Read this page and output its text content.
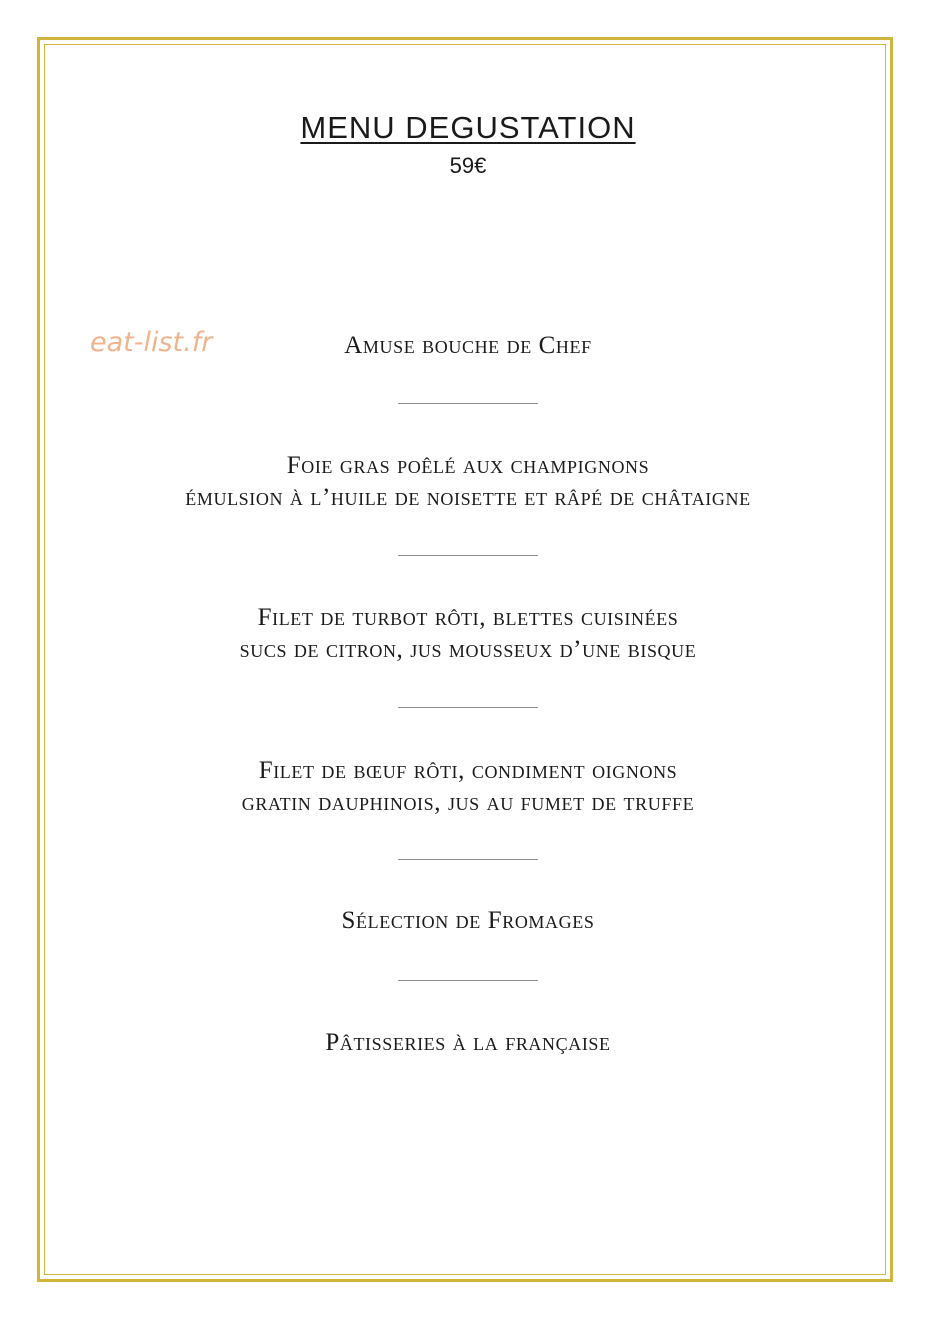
MENU DEGUSTATION
59€
eat-list.fr	Amuse bouche de Chef
Foie gras poêlé aux champignons
émulsion à l’huile de noisette et râpé de châtaigne
Filet de turbot rôti, blettes cuisinées
sucs de citron, jus mousseux d’une bisque
Filet de bœuf rôti, condiment oignons
gratin dauphinois, jus au fumet de truffe
Sélection de Fromages
Pâtisseries à la française
